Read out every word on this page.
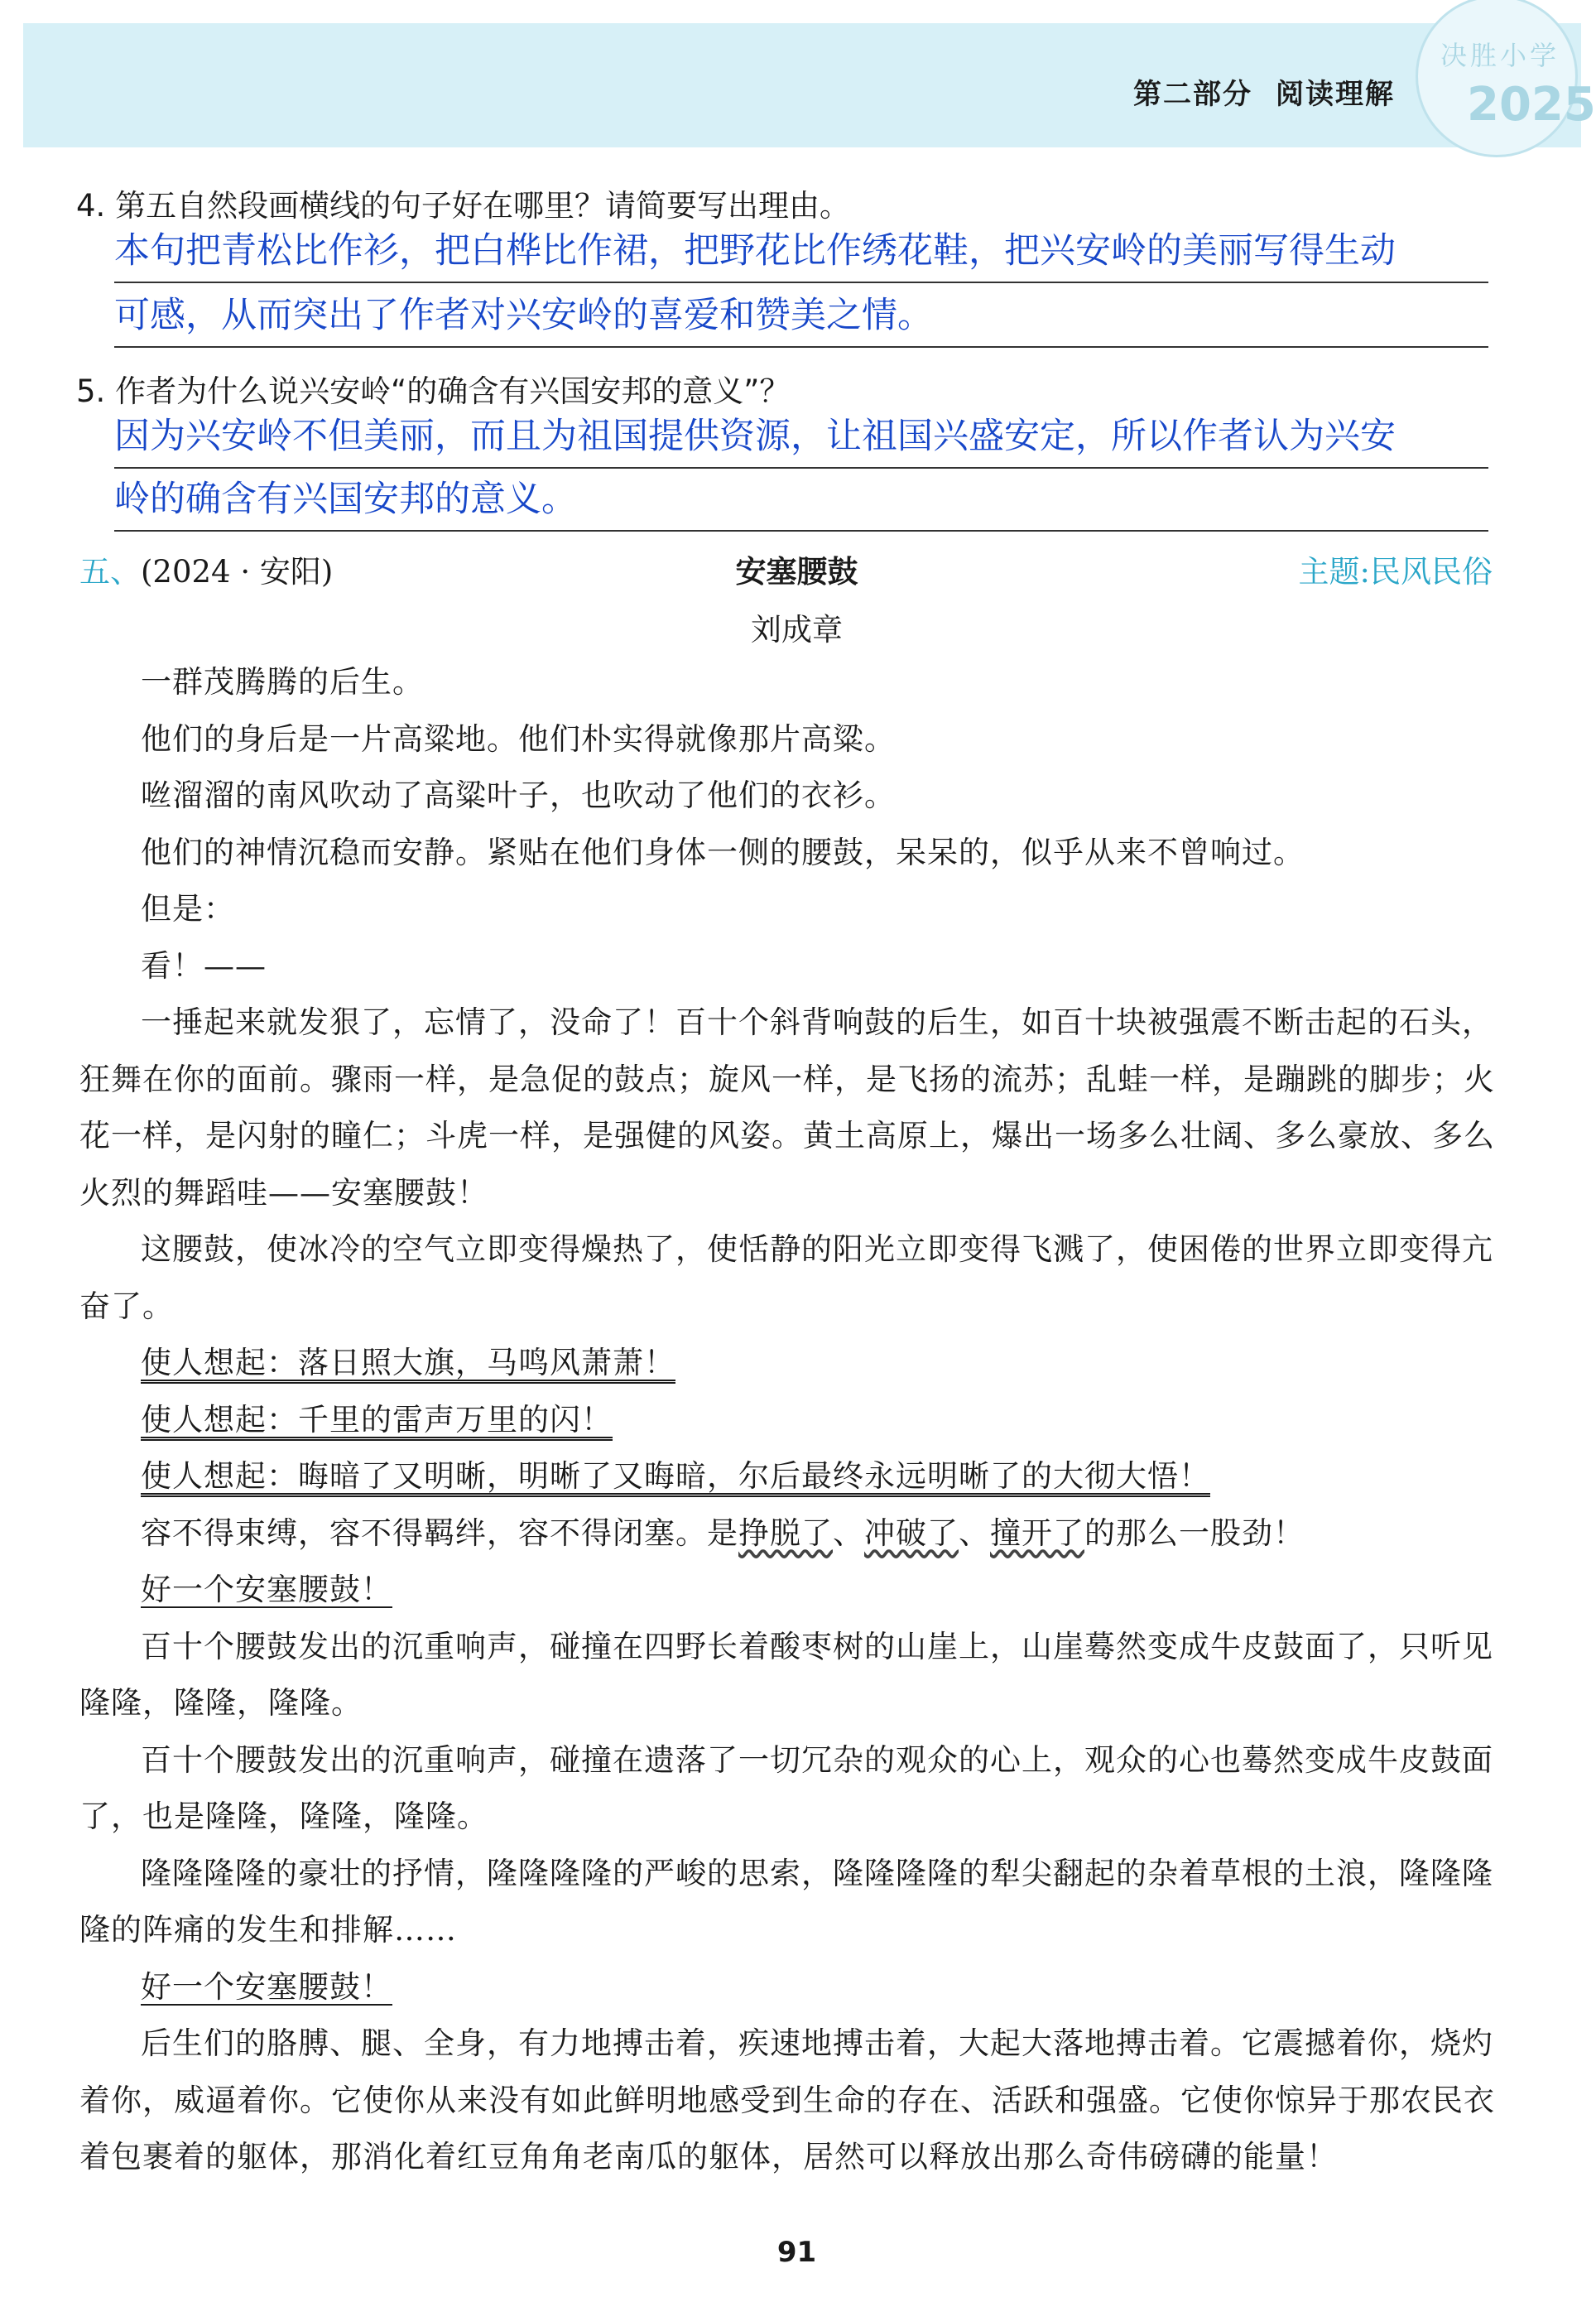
决胜小学
2025
第二部分 阅读理解
4. 第五自然段画横线的句子好在哪里？请简要写出理由。
本句把青松比作衫，把白桦比作裙，把野花比作绣花鞋，把兴安岭的美丽写得生动
可感，从而突出了作者对兴安岭的喜爱和赞美之情。
5. 作者为什么说兴安岭“的确含有兴国安邦的意义”？
因为兴安岭不但美丽，而且为祖国提供资源，让祖国兴盛安定，所以作者认为兴安
岭的确含有兴国安邦的意义。
五、(2024 · 安阳)	安塞腰鼓	主题:民风民俗
刘成章

一群茂腾腾的后生。

他们的身后是一片高粱地。他们朴实得就像那片高粱。

咝溜溜的南风吹动了高粱叶子，也吹动了他们的衣衫。

他们的神情沉稳而安静。紧贴在他们身体一侧的腰鼓，呆呆的，似乎从来不曾响过。

但是：

看！——

一捶起来就发狠了，忘情了，没命了！百十个斜背响鼓的后生，如百十块被强震不断击起的石头，狂舞在你的面前。骤雨一样，是急促的鼓点；旋风一样，是飞扬的流苏；乱蛙一样，是蹦跳的脚步；火花一样，是闪射的瞳仁；斗虎一样，是强健的风姿。黄土高原上，爆出一场多么壮阔、多么豪放、多么火烈的舞蹈哇——安塞腰鼓！

这腰鼓，使冰冷的空气立即变得燥热了，使恬静的阳光立即变得飞溅了，使困倦的世界立即变得亢奋了。

使人想起：落日照大旗，马鸣风萧萧！

使人想起：千里的雷声万里的闪！

使人想起：晦暗了又明晰，明晰了又晦暗，尔后最终永远明晰了的大彻大悟！

容不得束缚，容不得羁绊，容不得闭塞。是挣脱了、冲破了、撞开了的那么一股劲！

好一个安塞腰鼓！

百十个腰鼓发出的沉重响声，碰撞在四野长着酸枣树的山崖上，山崖蓦然变成牛皮鼓面了，只听见隆隆，隆隆，隆隆。

百十个腰鼓发出的沉重响声，碰撞在遗落了一切冗杂的观众的心上，观众的心也蓦然变成牛皮鼓面了，也是隆隆，隆隆，隆隆。

隆隆隆隆的豪壮的抒情，隆隆隆隆的严峻的思索，隆隆隆隆的犁尖翻起的杂着草根的土浪，隆隆隆隆的阵痛的发生和排解……

好一个安塞腰鼓！

后生们的胳膊、腿、全身，有力地搏击着，疾速地搏击着，大起大落地搏击着。它震撼着你，烧灼着你，威逼着你。它使你从来没有如此鲜明地感受到生命的存在、活跃和强盛。它使你惊异于那农民衣着包裹着的躯体，那消化着红豆角角老南瓜的躯体，居然可以释放出那么奇伟磅礴的能量！

91
